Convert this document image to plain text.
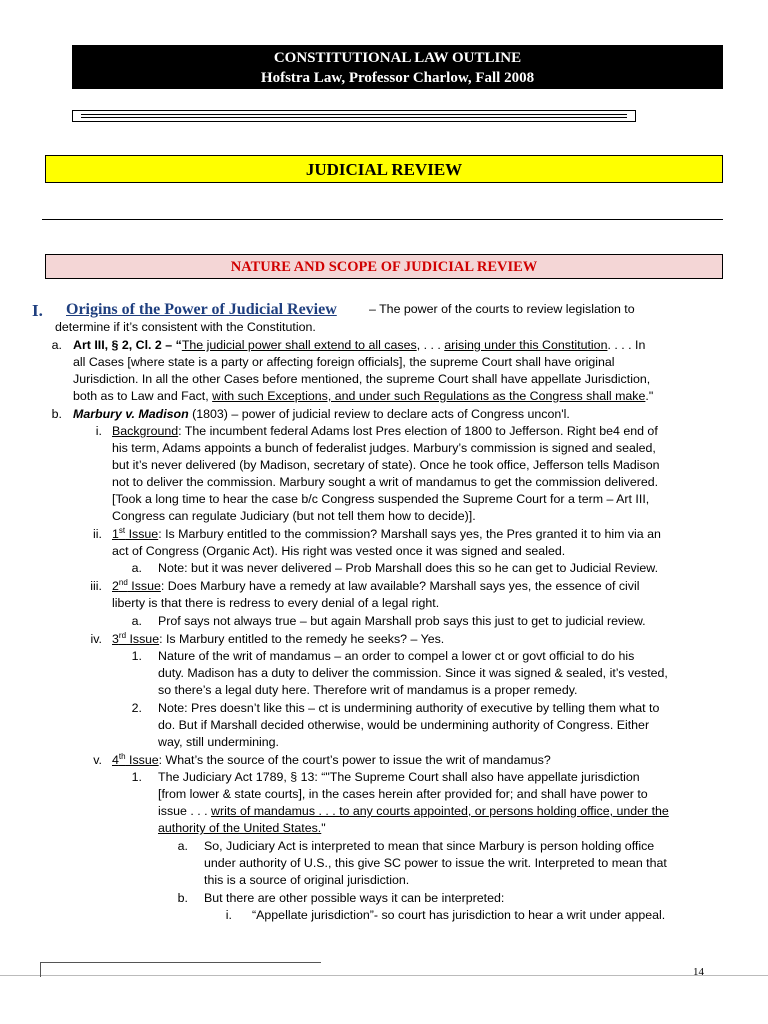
CONSTITUTIONAL LAW OUTLINE
Hofstra Law, Professor Charlow, Fall 2008
JUDICIAL REVIEW
NATURE AND SCOPE OF JUDICIAL REVIEW
I. Origins of the Power of Judicial Review	– The power of the courts to review legislation to
determine if it’s consistent with the Constitution.
a. Art III, § 2, Cl. 2 – “The judicial power shall extend to all cases, . . . arising under this Constitution. . . . In
all Cases [where state is a party or affecting foreign officials], the supreme Court shall have original
Jurisdiction. In all the other Cases before mentioned, the supreme Court shall have appellate Jurisdiction,
both as to Law and Fact, with such Exceptions, and under such Regulations as the Congress shall make."
b. Marbury v. Madison (1803) – power of judicial review to declare acts of Congress uncon'l.
i. Background: The incumbent federal Adams lost Pres election of 1800 to Jefferson. Right be4 end of
his term, Adams appoints a bunch of federalist judges. Marbury’s commission is signed and sealed,
but it’s never delivered (by Madison, secretary of state). Once he took office, Jefferson tells Madison
not to deliver the commission. Marbury sought a writ of mandamus to get the commission delivered.
[Took a long time to hear the case b/c Congress suspended the Supreme Court for a term – Art III,
Congress can regulate Judiciary (but not tell them how to decide)].
ii. 1st Issue: Is Marbury entitled to the commission? Marshall says yes, the Pres granted it to him via an
act of Congress (Organic Act). His right was vested once it was signed and sealed.
a. Note: but it was never delivered – Prob Marshall does this so he can get to Judicial Review.
iii. 2nd Issue: Does Marbury have a remedy at law available? Marshall says yes, the essence of civil
liberty is that there is redress to every denial of a legal right.
a. Prof says not always true – but again Marshall prob says this just to get to judicial review.
iv. 3rd Issue: Is Marbury entitled to the remedy he seeks? – Yes.
1. Nature of the writ of mandamus – an order to compel a lower ct or govt official to do his
duty. Madison has a duty to deliver the commission. Since it was signed & sealed, it’s vested,
so there’s a legal duty here. Therefore writ of mandamus is a proper remedy.
2. Note: Pres doesn’t like this – ct is undermining authority of executive by telling them what to
do. But if Marshall decided otherwise, would be undermining authority of Congress. Either
way, still undermining.
v. 4th Issue: What’s the source of the court’s power to issue the writ of mandamus?
1. The Judiciary Act 1789, § 13: “"The Supreme Court shall also have appellate jurisdiction
[from lower & state courts], in the cases herein after provided for; and shall have power to
issue . . . writs of mandamus . . . to any courts appointed, or persons holding office, under the
authority of the United States."
a. So, Judiciary Act is interpreted to mean that since Marbury is person holding office
under authority of U.S., this give SC power to issue the writ. Interpreted to mean that
this is a source of original jurisdiction.
b. But there are other possible ways it can be interpreted:
i. “Appellate jurisdiction”- so court has jurisdiction to hear a writ under appeal.
14
